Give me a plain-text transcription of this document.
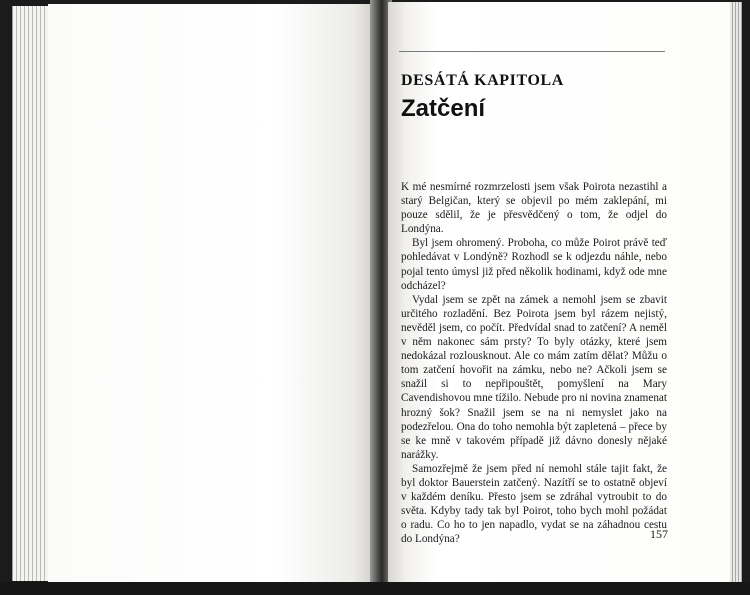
DESÁTÁ KAPITOLA
Zatčení

K mé nesmírné rozmrzelosti jsem však Poirota nezastihl a starý Belgičan, který se objevil po mém zaklepání, mi pouze sdělil, že je přesvědčený o tom, že odjel do Londýna.

Byl jsem ohromený. Proboha, co může Poirot právě teď pohledávat v Londýně? Rozhodl se k odjezdu náhle, nebo pojal tento úmysl již před několik hodinami, když ode mne odcházel?

Vydal jsem se zpět na zámek a nemohl jsem se zbavit určitého rozladění. Bez Poirota jsem byl rázem nejistý, nevěděl jsem, co počít. Předvídal snad to zatčení? A neměl v něm nakonec sám prsty? To byly otázky, které jsem nedokázal rozlousknout. Ale co mám zatím dělat? Můžu o tom zatčení hovořit na zámku, nebo ne? Ačkoli jsem se snažil si to nepřipouštět, pomyšlení na Mary Cavendishovou mne tížilo. Nebude pro ni novina znamenat hrozný šok? Snažil jsem se na ni nemyslet jako na podezřelou. Ona do toho nemohla být zapletená – přece by se ke mně v takovém případě již dávno donesly nějaké narážky.

Samozřejmě že jsem před ní nemohl stále tajit fakt, že byl doktor Bauerstein zatčený. Nazítří se to ostatně objeví v každém deníku. Přesto jsem se zdráhal vytroubit to do světa. Kdyby tady tak byl Poirot, toho bych mohl požádat o radu. Co ho to jen napadlo, vydat se na záhadnou cestu do Londýna?	157
